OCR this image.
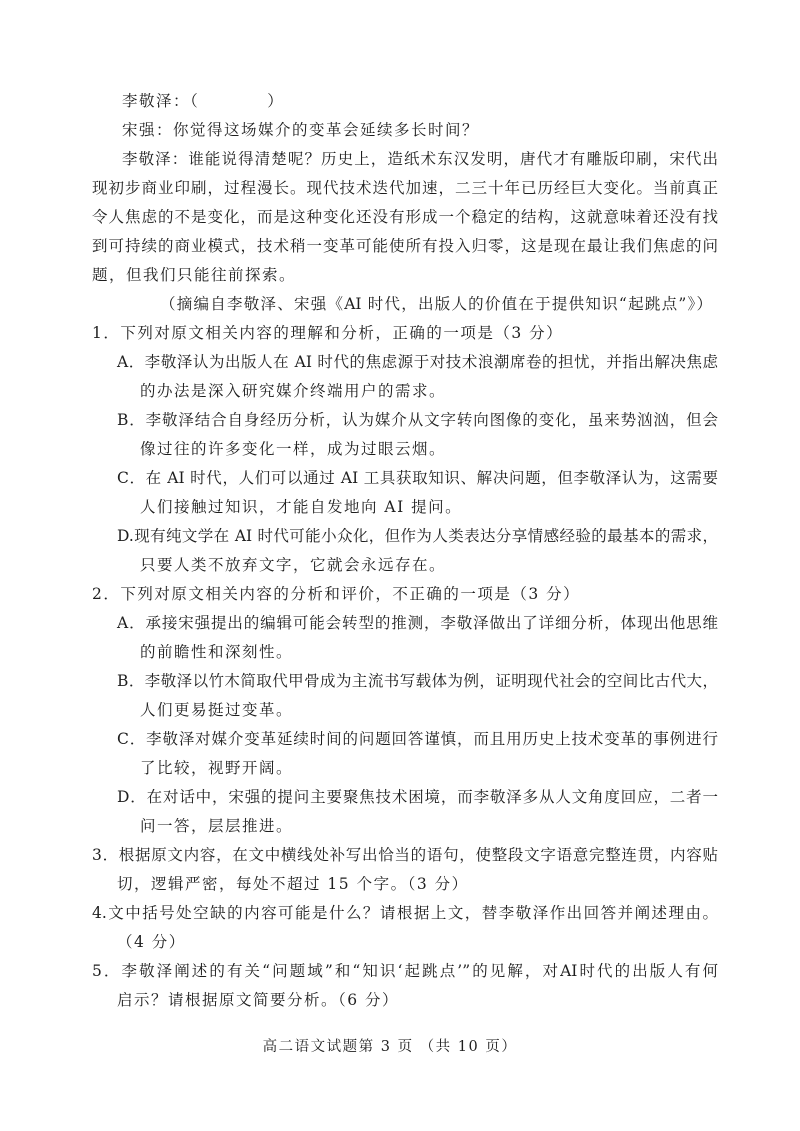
李敬泽：（　　　　）
宋强：你觉得这场媒介的变革会延续多长时间？
李敬泽：谁能说得清楚呢？历史上，造纸术东汉发明，唐代才有雕版印刷，宋代出
现初步商业印刷，过程漫长。现代技术迭代加速，二三十年已历经巨大变化。当前真正
令人焦虑的不是变化，而是这种变化还没有形成一个稳定的结构，这就意味着还没有找
到可持续的商业模式，技术稍一变革可能使所有投入归零，这是现在最让我们焦虑的问
题，但我们只能往前探索。
（摘编自李敬泽、宋强《AI 时代，出版人的价值在于提供知识“起跳点”》）
1．下列对原文相关内容的理解和分析，正确的一项是（3 分）
A．李敬泽认为出版人在 AI 时代的焦虑源于对技术浪潮席卷的担忧，并指出解决焦虑
的办法是深入研究媒介终端用户的需求。
B．李敬泽结合自身经历分析，认为媒介从文字转向图像的变化，虽来势汹汹，但会
像过往的许多变化一样，成为过眼云烟。
C．在 AI 时代，人们可以通过 AI 工具获取知识、解决问题，但李敬泽认为，这需要
人们接触过知识，才能自发地向 AI 提问。
D.现有纯文学在 AI 时代可能小众化，但作为人类表达分享情感经验的最基本的需求，
只要人类不放弃文字，它就会永远存在。
2．下列对原文相关内容的分析和评价，不正确的一项是（3 分）
A．承接宋强提出的编辑可能会转型的推测，李敬泽做出了详细分析，体现出他思维
的前瞻性和深刻性。
B．李敬泽以竹木简取代甲骨成为主流书写载体为例，证明现代社会的空间比古代大，
人们更易挺过变革。
C．李敬泽对媒介变革延续时间的问题回答谨慎，而且用历史上技术变革的事例进行
了比较，视野开阔。
D．在对话中，宋强的提问主要聚焦技术困境，而李敬泽多从人文角度回应，二者一
问一答，层层推进。
3．根据原文内容，在文中横线处补写出恰当的语句，使整段文字语意完整连贯，内容贴
切，逻辑严密，每处不超过 15 个字。（3 分）
4.文中括号处空缺的内容可能是什么？请根据上文，替李敬泽作出回答并阐述理由。
（4 分）
5．李敬泽阐述的有关“问题域”和“知识‘起跳点’”的见解，对AI时代的出版人有何
启示？请根据原文简要分析。（6 分）
高二语文试题第 3 页 （共 10 页）
